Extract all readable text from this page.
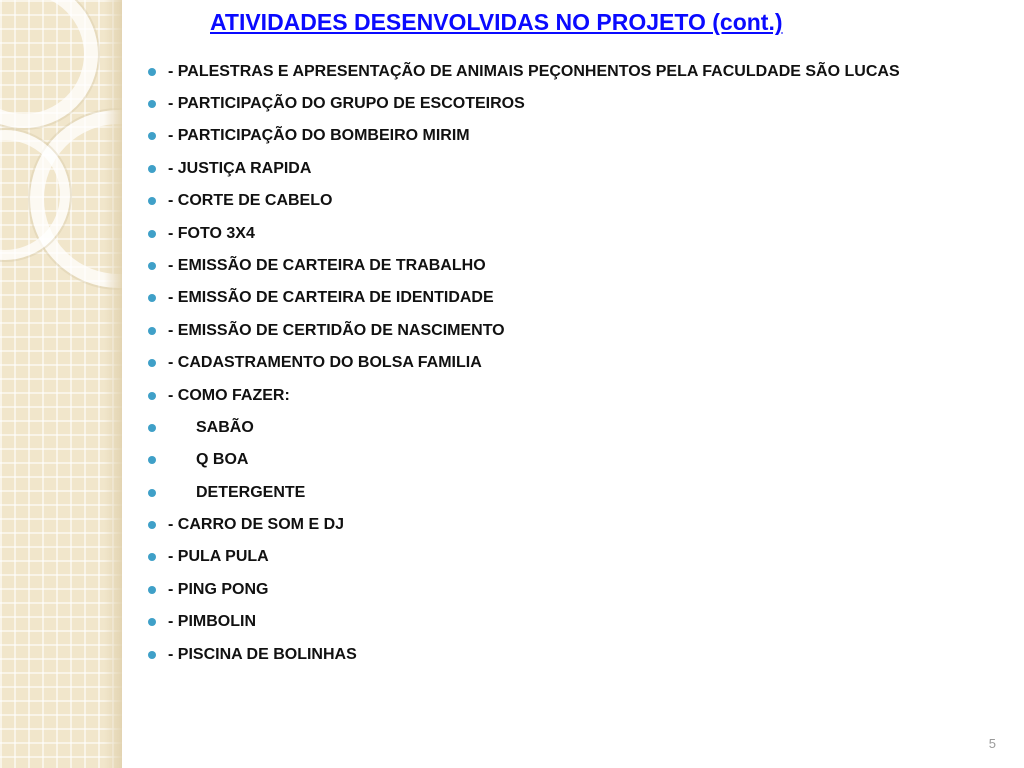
ATIVIDADES DESENVOLVIDAS NO PROJETO (cont.)
- PALESTRAS E APRESENTAÇÃO DE ANIMAIS PEÇONHENTOS PELA FACULDADE SÃO LUCAS
- PARTICIPAÇÃO DO GRUPO DE ESCOTEIROS
- PARTICIPAÇÃO DO BOMBEIRO MIRIM
- JUSTIÇA RAPIDA
- CORTE DE CABELO
- FOTO 3X4
- EMISSÃO DE CARTEIRA DE TRABALHO
- EMISSÃO DE CARTEIRA DE IDENTIDADE
- EMISSÃO DE CERTIDÃO DE NASCIMENTO
- CADASTRAMENTO DO BOLSA FAMILIA
- COMO FAZER:
SABÃO
Q BOA
DETERGENTE
- CARRO DE SOM E DJ
- PULA PULA
- PING PONG
- PIMBOLIN
- PISCINA DE BOLINHAS
5
